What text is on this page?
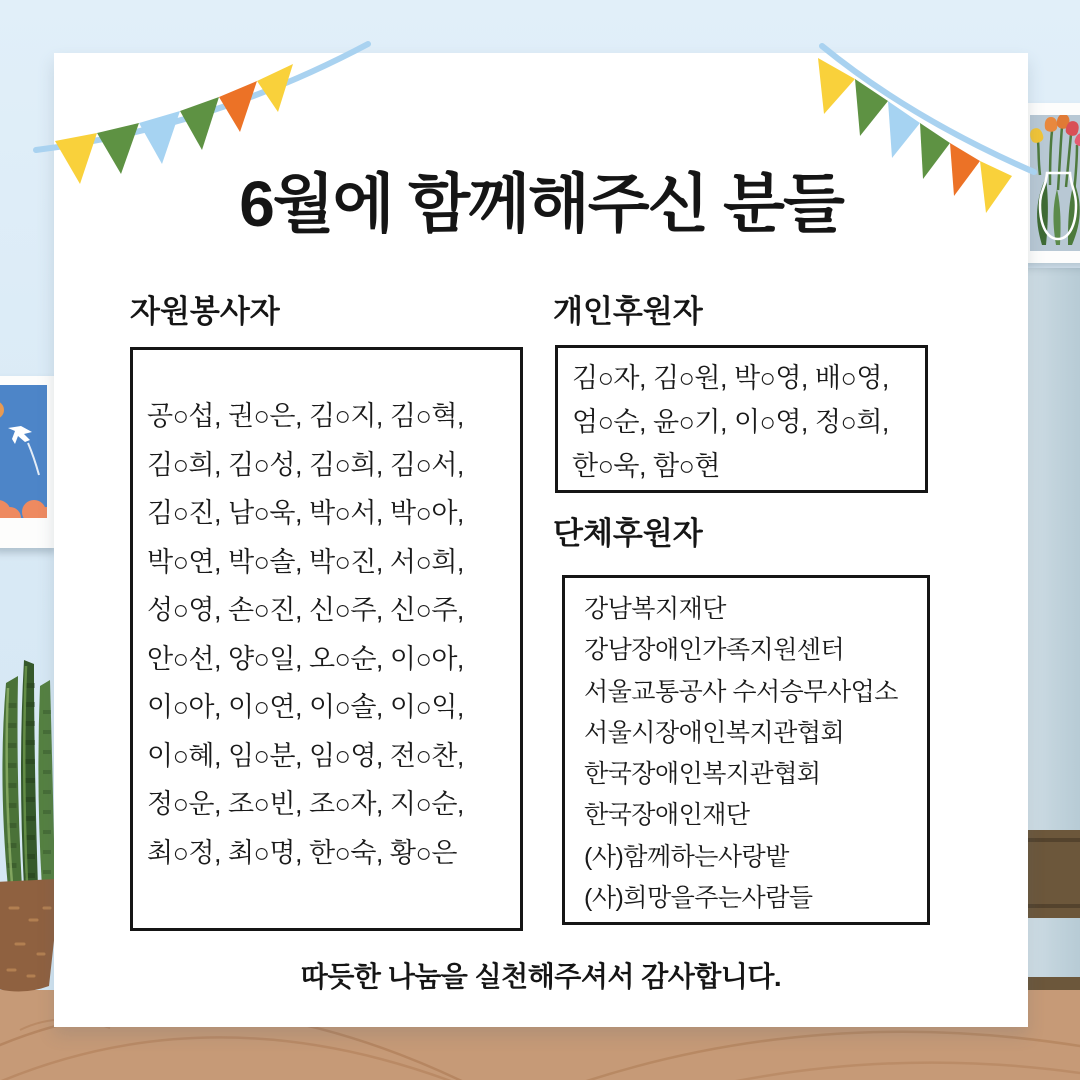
6월에 함께해주신 분들
자원봉사자

공○섭, 권○은, 김○지, 김○혁,

김○희, 김○성, 김○희, 김○서,

김○진, 남○욱, 박○서, 박○아,

박○연, 박○솔, 박○진, 서○희,

성○영, 손○진, 신○주, 신○주,

안○선, 양○일, 오○순, 이○아,

이○아, 이○연, 이○솔, 이○익,

이○혜, 임○분, 임○영, 전○찬,

정○운, 조○빈, 조○자, 지○순,

최○정, 최○명, 한○숙, 황○은

개인후원자

김○자, 김○원, 박○영, 배○영,

엄○순, 윤○기, 이○영, 정○희,

한○욱, 함○현

단체후원자

강남복지재단

강남장애인가족지원센터

서울교통공사 수서승무사업소

서울시장애인복지관협회

한국장애인복지관협회

한국장애인재단

(사)함께하는사랑밭

(사)희망을주는사람들

따듯한 나눔을 실천해주셔서 감사합니다.
